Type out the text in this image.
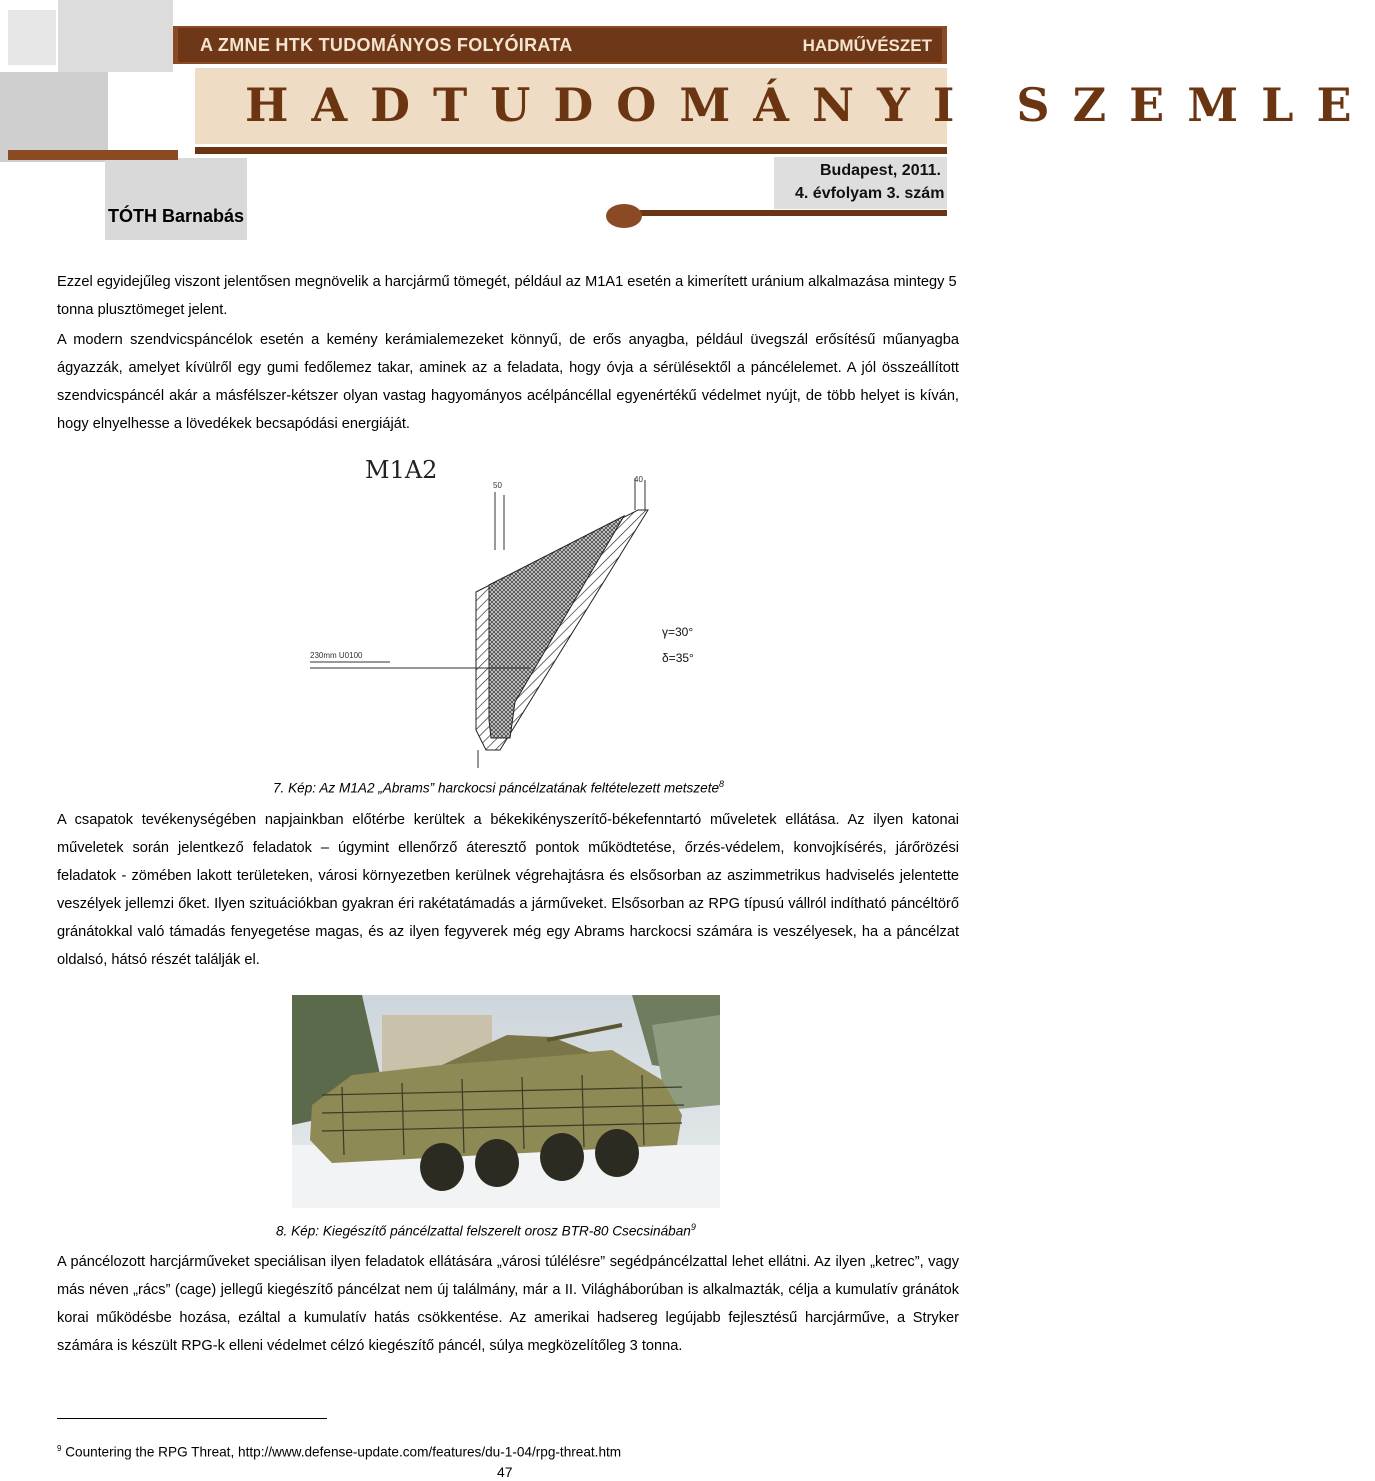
A ZMNE HTK TUDOMÁNYOS FOLYÓIRATA	HADMŰVÉSZET
HADTUDOMÁNYI SZEMLE
Budapest, 2011.
4. évfolyam 3. szám
TÓTH Barnabás

Ezzel egyidejűleg viszont jelentősen megnövelik a harcjármű tömegét, például az M1A1 esetén a kimerített uránium alkalmazása mintegy 5 tonna plusztömeget jelent.

A modern szendvicspáncélok esetén a kemény kerámialemezeket könnyű, de erős anyagba, például üvegszál erősítésű műanyagba ágyazzák, amelyet kívülről egy gumi fedőlemez takar, aminek az a feladata, hogy óvja a sérülésektől a páncélelemet. A jól összeállított szendvicspáncél akár a másfélszer-kétszer olyan vastag hagyományos acélpáncéllal egyenértékű védelmet nyújt, de több helyet is kíván, hogy elnyelhesse a lövedékek becsapódási energiáját.

M1A2
50
40
230mm U0100
γ=30°
δ=35°
7. Kép: Az M1A2 „Abrams” harckocsi páncélzatának feltételezett metszete$^8$

A csapatok tevékenységében napjainkban előtérbe kerültek a békekikényszerítő-békefenntartó műveletek ellátása. Az ilyen katonai műveletek során jelentkező feladatok – úgymint ellenőrző áteresztő pontok működtetése, őrzés-védelem, konvojkísérés, járőrözési feladatok - zömében lakott területeken, városi környezetben kerülnek végrehajtásra és elsősorban az aszimmetrikus hadviselés jelentette veszélyek jellemzi őket. Ilyen szituációkban gyakran éri rakétatámadás a járműveket. Elsősorban az RPG típusú vállról indítható páncéltörő gránátokkal való támadás fenyegetése magas, és az ilyen fegyverek még egy Abrams harckocsi számára is veszélyesek, ha a páncélzat oldalsó, hátsó részét találják el.

8. Kép: Kiegészítő páncélzattal felszerelt orosz BTR-80 Csecsinában$^9$

A páncélozott harcjárműveket speciálisan ilyen feladatok ellátására „városi túlélésre” segédpáncélzattal lehet ellátni. Az ilyen „ketrec”, vagy más néven „rács” (cage) jellegű kiegészítő páncélzat nem új találmány, már a II. Világháborúban is alkalmazták, célja a kumulatív gránátok korai működésbe hozása, ezáltal a kumulatív hatás csökkentése. Az amerikai hadsereg legújabb fejlesztésű harcjárműve, a Stryker számára is készült RPG-k elleni védelmet célzó kiegészítő páncél, súlya megközelítőleg 3 tonna.

$^9$ Countering the RPG Threat, http://www.defense-update.com/features/du-1-04/rpg-threat.htm
47
